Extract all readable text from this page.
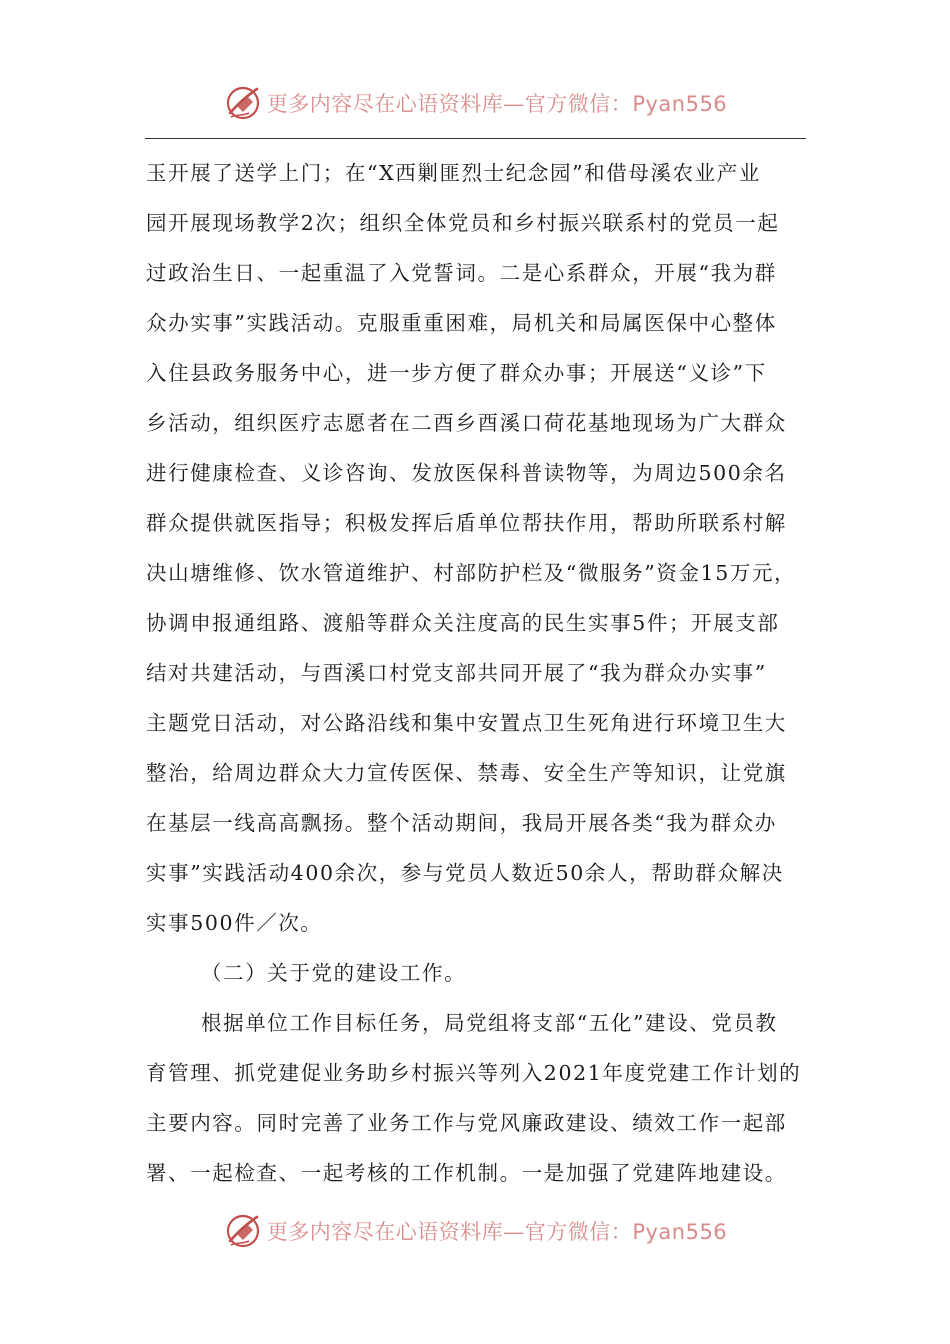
更多内容尽在心语资料库—官方微信：Pyan556
玉开展了送学上门；在“X西剿匪烈士纪念园”和借母溪农业产业
园开展现场教学2次；组织全体党员和乡村振兴联系村的党员一起
过政治生日、一起重温了入党誓词。二是心系群众，开展“我为群
众办实事”实践活动。克服重重困难，局机关和局属医保中心整体
入住县政务服务中心，进一步方便了群众办事；开展送“义诊”下
乡活动，组织医疗志愿者在二酉乡酉溪口荷花基地现场为广大群众
进行健康检查、义诊咨询、发放医保科普读物等，为周边500余名
群众提供就医指导；积极发挥后盾单位帮扶作用，帮助所联系村解
决山塘维修、饮水管道维护、村部防护栏及“微服务”资金15万元，
协调申报通组路、渡船等群众关注度高的民生实事5件；开展支部
结对共建活动，与酉溪口村党支部共同开展了“我为群众办实事”
主题党日活动，对公路沿线和集中安置点卫生死角进行环境卫生大
整治，给周边群众大力宣传医保、禁毒、安全生产等知识，让党旗
在基层一线高高飘扬。整个活动期间，我局开展各类“我为群众办
实事”实践活动400余次，参与党员人数近50余人，帮助群众解决
实事500件／次。
（二）关于党的建设工作。
根据单位工作目标任务，局党组将支部“五化”建设、党员教
育管理、抓党建促业务助乡村振兴等列入2021年度党建工作计划的
主要内容。同时完善了业务工作与党风廉政建设、绩效工作一起部
署、一起检查、一起考核的工作机制。一是加强了党建阵地建设。
更多内容尽在心语资料库—官方微信：Pyan556
